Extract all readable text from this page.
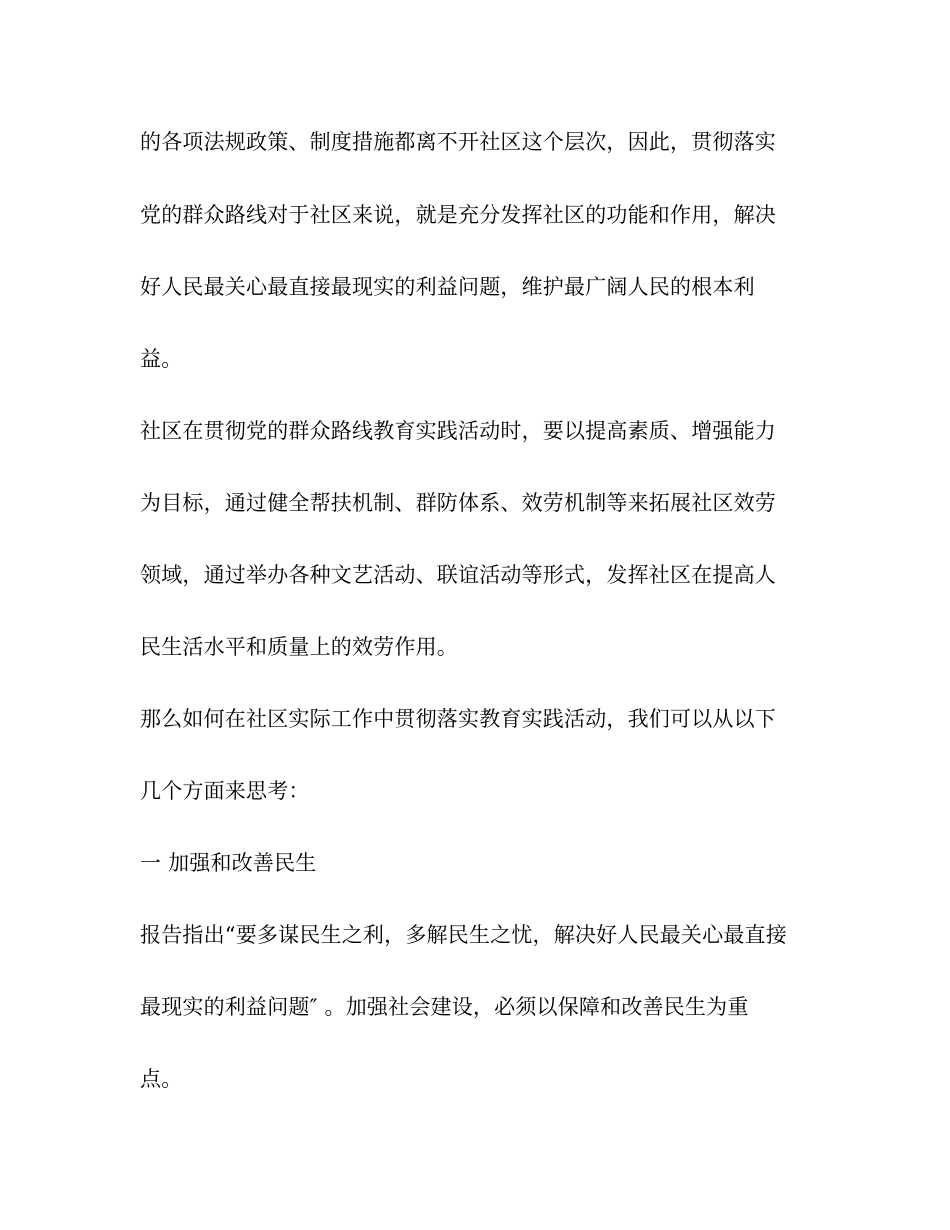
的各项法规政策、制度措施都离不开社区这个层次，因此，贯彻落实
党的群众路线对于社区来说，就是充分发挥社区的功能和作用，解决
好人民最关心最直接最现实的利益问题，维护最广阔人民的根本利
益。
社区在贯彻党的群众路线教育实践活动时，要以提高素质、增强能力
为目标，通过健全帮扶机制、群防体系、效劳机制等来拓展社区效劳
领域，通过举办各种文艺活动、联谊活动等形式，发挥社区在提高人
民生活水平和质量上的效劳作用。
那么如何在社区实际工作中贯彻落实教育实践活动，我们可以从以下
几个方面来思考：
一 加强和改善民生
报告指出“要多谋民生之利，多解民生之忧，解决好人民最关心最直接
最现实的利益问题″ 。加强社会建设，必须以保障和改善民生为重
点。
